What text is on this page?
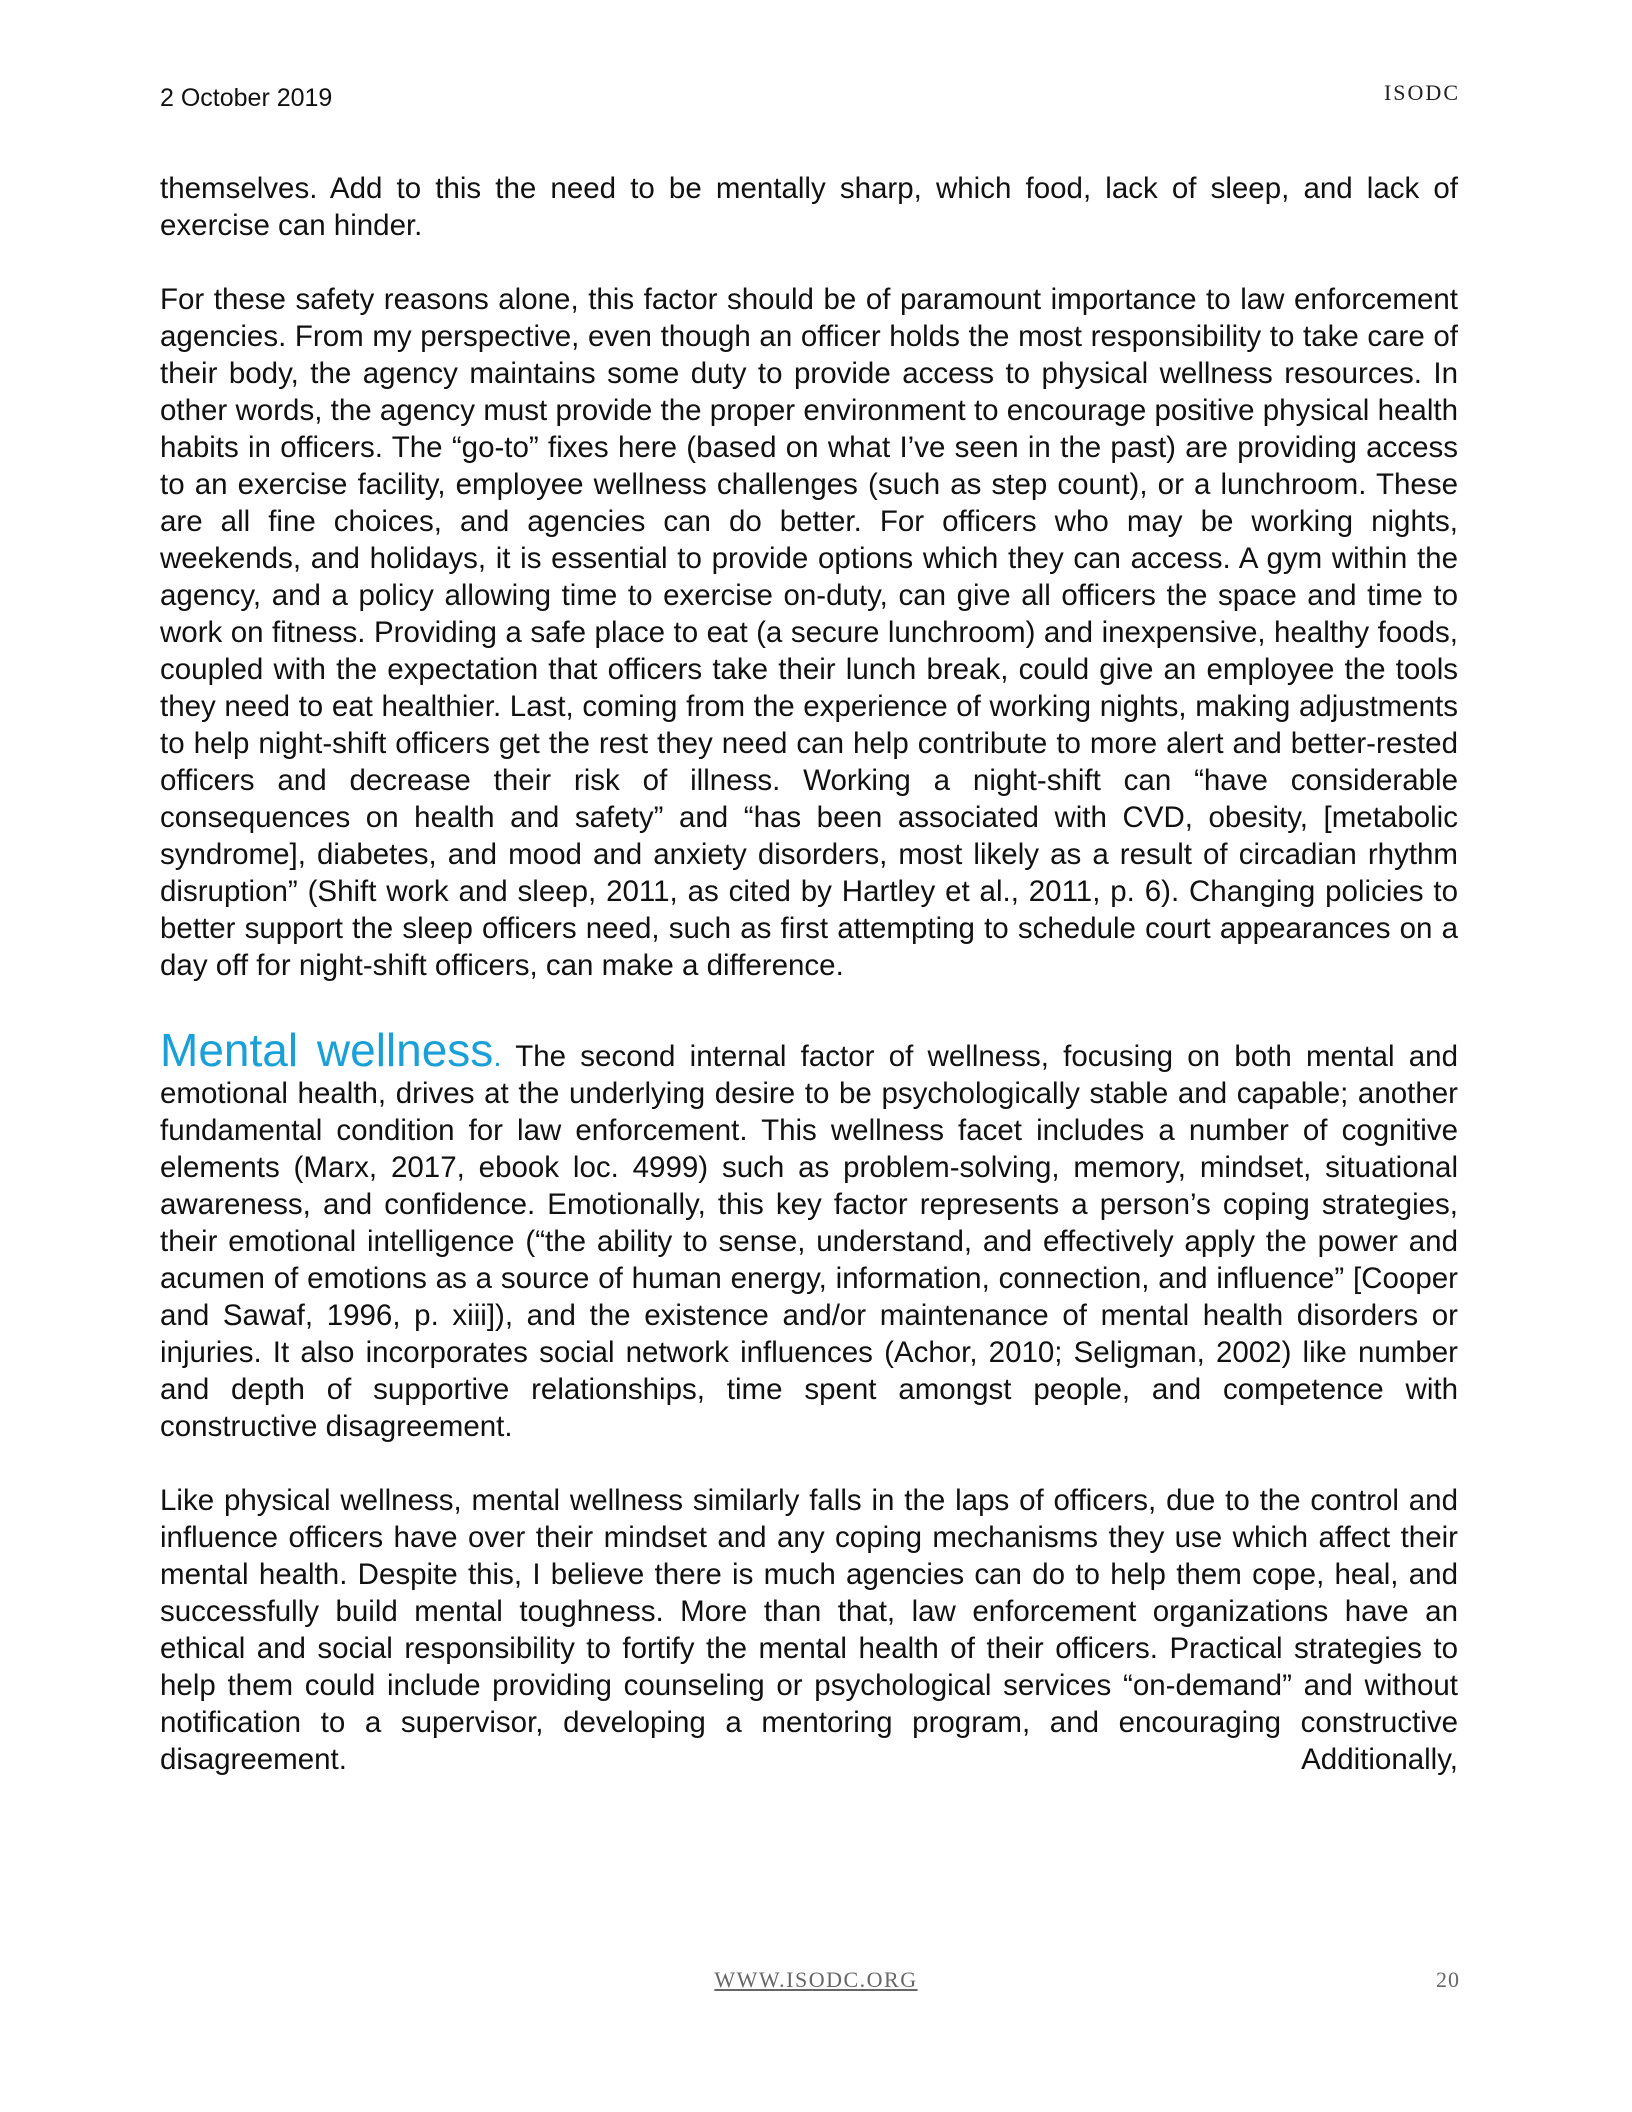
2 October 2019	ISODC

themselves. Add to this the need to be mentally sharp, which food, lack of sleep, and lack of exercise can hinder.

For these safety reasons alone, this factor should be of paramount importance to law enforcement agencies. From my perspective, even though an officer holds the most responsibility to take care of their body, the agency maintains some duty to provide access to physical wellness resources. In other words, the agency must provide the proper environment to encourage positive physical health habits in officers. The “go-to” fixes here (based on what I’ve seen in the past) are providing access to an exercise facility, employee wellness challenges (such as step count), or a lunchroom. These are all fine choices, and agencies can do better. For officers who may be working nights, weekends, and holidays, it is essential to provide options which they can access. A gym within the agency, and a policy allowing time to exercise on-duty, can give all officers the space and time to work on fitness. Providing a safe place to eat (a secure lunchroom) and inexpensive, healthy foods, coupled with the expectation that officers take their lunch break, could give an employee the tools they need to eat healthier. Last, coming from the experience of working nights, making adjustments to help night-shift officers get the rest they need can help contribute to more alert and better-rested officers and decrease their risk of illness. Working a night-shift can “have considerable consequences on health and safety” and “has been associated with CVD, obesity, [metabolic syndrome], diabetes, and mood and anxiety disorders, most likely as a result of circadian rhythm disruption” (Shift work and sleep, 2011, as cited by Hartley et al., 2011, p. 6). Changing policies to better support the sleep officers need, such as first attempting to schedule court appearances on a day off for night-shift officers, can make a difference.

Mental wellness. The second internal factor of wellness, focusing on both mental and emotional health, drives at the underlying desire to be psychologically stable and capable; another fundamental condition for law enforcement. This wellness facet includes a number of cognitive elements (Marx, 2017, ebook loc. 4999) such as problem-solving, memory, mindset, situational awareness, and confidence. Emotionally, this key factor represents a person’s coping strategies, their emotional intelligence (“the ability to sense, understand, and effectively apply the power and acumen of emotions as a source of human energy, information, connection, and influence” [Cooper and Sawaf, 1996, p. xiii]), and the existence and/or maintenance of mental health disorders or injuries. It also incorporates social network influences (Achor, 2010; Seligman, 2002) like number and depth of supportive relationships, time spent amongst people, and competence with constructive disagreement.

Like physical wellness, mental wellness similarly falls in the laps of officers, due to the control and influence officers have over their mindset and any coping mechanisms they use which affect their mental health. Despite this, I believe there is much agencies can do to help them cope, heal, and successfully build mental toughness. More than that, law enforcement organizations have an ethical and social responsibility to fortify the mental health of their officers. Practical strategies to help them could include providing counseling or psychological services “on-demand” and without notification to a supervisor, developing a mentoring program, and encouraging constructive disagreement. Additionally,

WWW.ISODC.ORG	20
